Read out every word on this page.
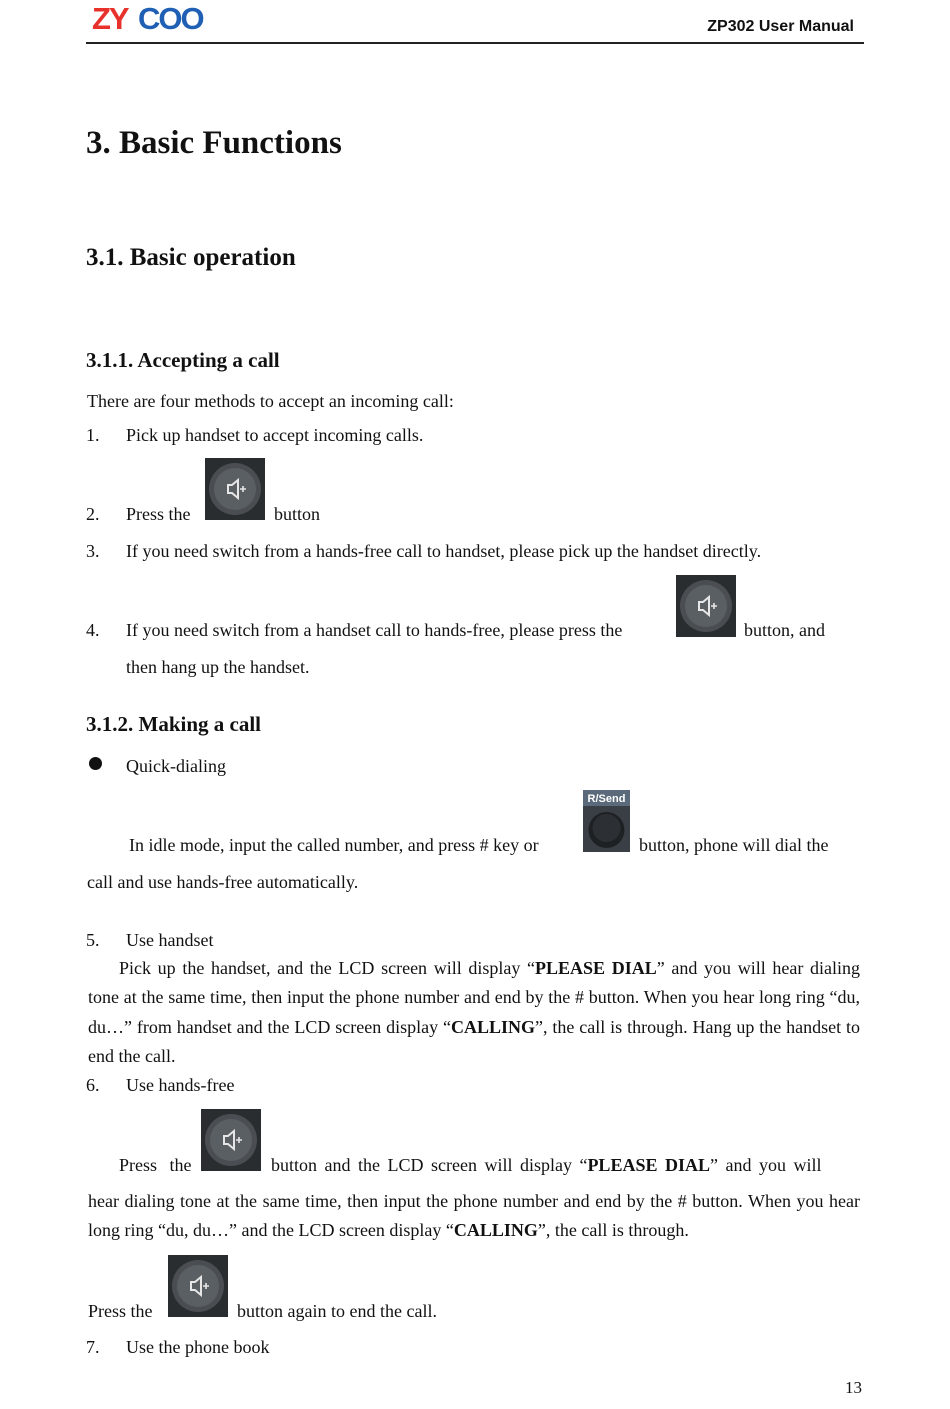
ZY COO	ZP302 User Manual
3. Basic Functions
3.1. Basic operation
3.1.1. Accepting a call
There are four methods to accept an incoming call:
1. Pick up handset to accept incoming calls.
2. Press the	button
3. If you need switch from a hands-free call to handset, please pick up the handset directly.
4. If you need switch from a handset call to hands-free, please press the	button, and
then hang up the handset.
3.1.2. Making a call
Quick-dialing
In idle mode, input the called number, and press # key or
R/Send
button, phone will dial the
call and use hands-free automatically.
5. Use handset

Pick up the handset, and the LCD screen will display “PLEASE DIAL” and you will hear dialing tone at the same time, then input the phone number and end by the # button. When you hear long ring “du, du…” from handset and the LCD screen display “CALLING”, the call is through. Hang up the handset to end the call.

6. Use hands-free
Press the	button and the LCD screen will display “PLEASE DIAL” and you will

hear dialing tone at the same time, then input the phone number and end by the # button. When you hear long ring “du, du…” and the LCD screen display “CALLING”, the call is through.

Press the	button again to end the call.
7. Use the phone book
13
